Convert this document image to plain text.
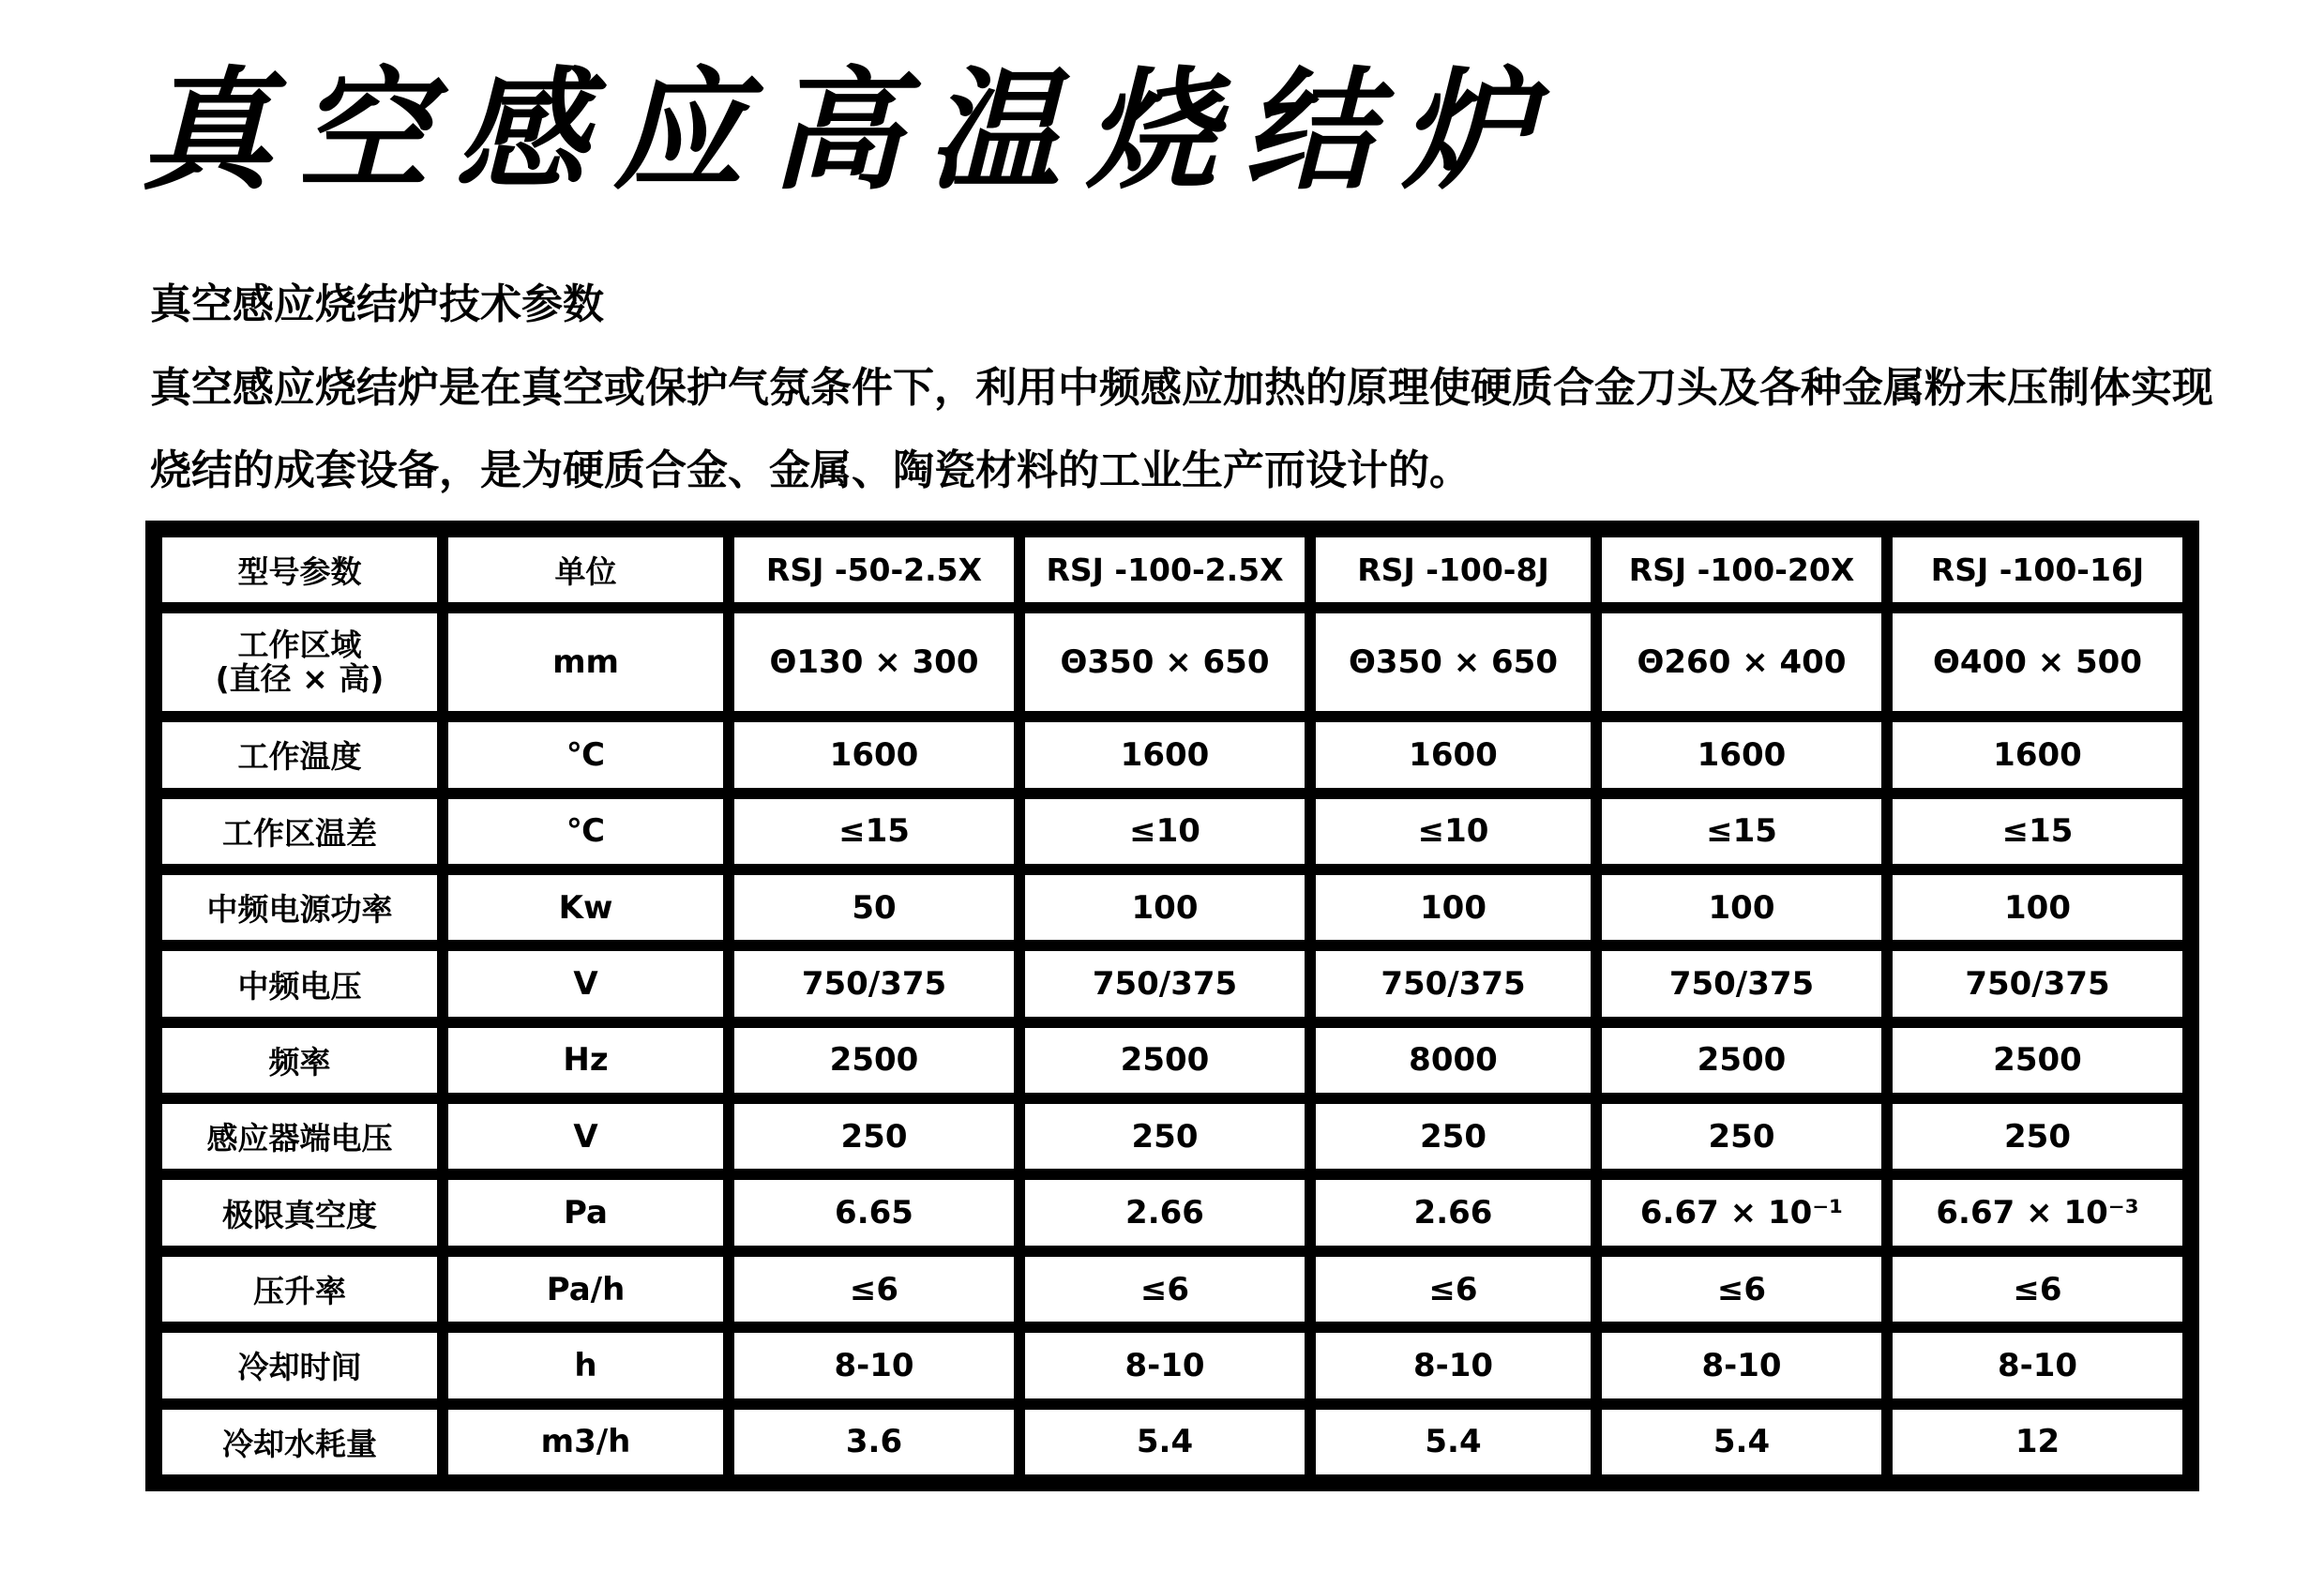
真空感应高温烧结炉
真空感应烧结炉技术参数

真空感应烧结炉是在真空或保护气氛条件下，利用中频感应加热的原理使硬质合金刀头及各种金属粉末压制体实现烧结的成套设备，是为硬质合金、金属、陶瓷材料的工业生产而设计的。

型号参数	单位	RSJ -50-2.5X	RSJ -100-2.5X	RSJ -100-8J	RSJ -100-20X	RSJ -100-16J

工作区域
(直径 × 高)	mm	Θ130 × 300	Θ350 × 650	Θ350 × 650	Θ260 × 400	Θ400 × 500
工作温度	℃	1600	1600	1600	1600	1600
工作区温差	℃	≤15	≤10	≤10	≤15	≤15
中频电源功率	Kw	50	100	100	100	100
中频电压	V	750/375	750/375	750/375	750/375	750/375
频率	Hz	2500	2500	8000	2500	2500
感应器端电压	V	250	250	250	250	250
极限真空度	Pa	6.65	2.66	2.66	6.67 × 10⁻¹	6.67 × 10⁻³
压升率	Pa/h	≤6	≤6	≤6	≤6	≤6
冷却时间	h	8-10	8-10	8-10	8-10	8-10
冷却水耗量	m3/h	3.6	5.4	5.4	5.4	12
